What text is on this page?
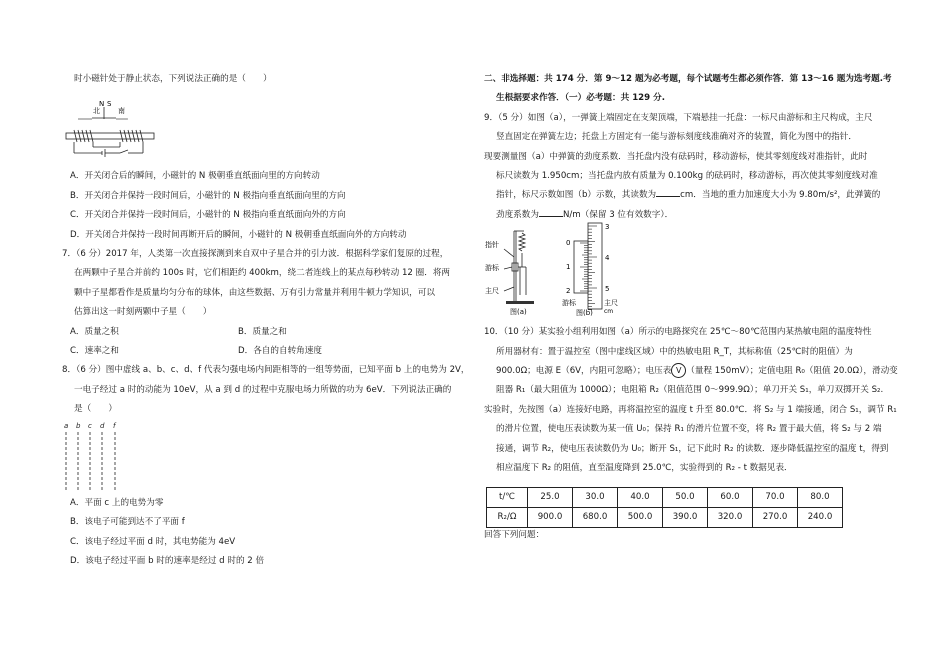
时小磁针处于静止状态，下列说法正确的是（　　）

北
N S
南

A．开关闭合后的瞬间，小磁针的 N 极朝垂直纸面向里的方向转动

B．开关闭合并保持一段时间后，小磁针的 N 极指向垂直纸面向里的方向

C．开关闭合并保持一段时间后，小磁针的 N 极指向垂直纸面向外的方向

D．开关闭合并保持一段时间再断开后的瞬间，小磁针的 N 极朝垂直纸面向外的方向转动

7．（6 分）2017 年，人类第一次直接探测到来自双中子星合并的引力波．根据科学家们复原的过程，

在两颗中子星合并前约 100s 时，它们相距约 400km，绕二者连线上的某点每秒转动 12 圈．将两

颗中子星都看作是质量均匀分布的球体，由这些数据、万有引力常量并利用牛顿力学知识，可以

估算出这一时刻两颗中子星（　　）

A．质量之积	B．质量之和

C．速率之和	D．各自的自转角速度

8．（6 分）图中虚线 a、b、c、d、f 代表匀强电场内间距相等的一组等势面，已知平面 b 上的电势为 2V，

一电子经过 a 时的动能为 10eV，从 a 到 d 的过程中克服电场力所做的功为 6eV．下列说法正确的

是（　　）

a b c d f

A．平面 c 上的电势为零

B．该电子可能到达不了平面 f

C．该电子经过平面 d 时，其电势能为 4eV

D．该电子经过平面 b 时的速率是经过 d 时的 2 倍

二、非选择题：共 174 分．第 9～12 题为必考题，每个试题考生都必须作答．第 13～16 题为选考题.考

生根据要求作答．（一）必考题：共 129 分.

9．（5 分）如图（a），一弹簧上端固定在支架顶端，下端悬挂一托盘：一标尺由游标和主尺构成，主尺

竖直固定在弹簧左边；托盘上方固定有一能与游标刻度线准确对齐的装置，简化为图中的指针．

现要测量图（a）中弹簧的劲度系数．当托盘内没有砝码时，移动游标，使其零刻度线对准指针，此时

标尺读数为 1.950cm；当托盘内放有质量为 0.100kg 的砝码时，移动游标，再次使其零刻度线对准

指针，标尺示数如图（b）示数，其读数为	cm．当地的重力加速度大小为 9.80m/s²，此弹簧的

劲度系数为	N/m（保留 3 位有效数字）．

指针
游标
主尺
图(a)
3
4
5
0
1
2
游标	主尺
cm
图(b)

10．（10 分）某实验小组利用如图（a）所示的电路探究在 25℃～80℃范围内某热敏电阻的温度特性

所用器材有：置于温控室（图中虚线区域）中的热敏电阻 R_T，其标称值（25℃时的阻值）为

900.0Ω；电源 E（6V，内阻可忽略）；电压表 V （量程 150mV）；定值电阻 R₀（阻值 20.0Ω），滑动变

阻器 R₁（最大阻值为 1000Ω）；电阻箱 R₂（阻值范围 0～999.9Ω）；单刀开关 S₁，单刀双掷开关 S₂.

实验时，先按图（a）连接好电路，再将温控室的温度 t 升至 80.0℃．将 S₂ 与 1 端接通，闭合 S₁，调节 R₁

的滑片位置，使电压表读数为某一值 U₀；保持 R₁ 的滑片位置不变，将 R₂ 置于最大值，将 S₂ 与 2 端

接通，调节 R₂，使电压表读数仍为 U₀；断开 S₁，记下此时 R₂ 的读数．逐步降低温控室的温度 t，得到

相应温度下 R₂ 的阻值，直至温度降到 25.0℃，实验得到的 R₂ - t 数据见表．

t/℃	25.0	30.0	40.0	50.0	60.0	70.0	80.0
R₂/Ω	900.0	680.0	500.0	390.0	320.0	270.0	240.0

回答下列问题：
